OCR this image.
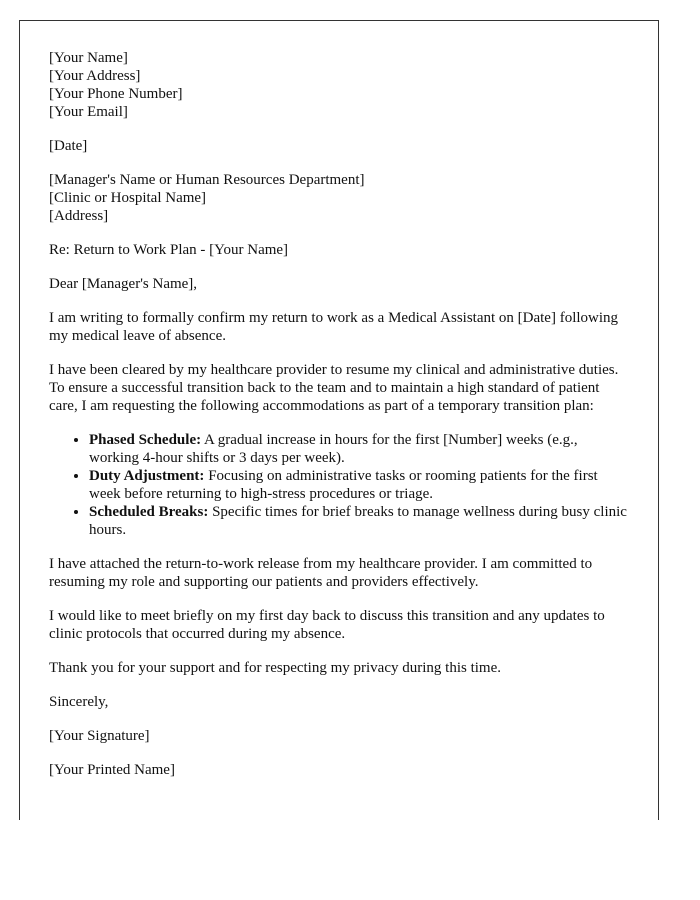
[Your Name]
[Your Address]
[Your Phone Number]
[Your Email]

[Date]

[Manager's Name or Human Resources Department]
[Clinic or Hospital Name]
[Address]

Re: Return to Work Plan - [Your Name]

Dear [Manager's Name],

I am writing to formally confirm my return to work as a Medical Assistant on [Date] following my medical leave of absence.

I have been cleared by my healthcare provider to resume my clinical and administrative duties. To ensure a successful transition back to the team and to maintain a high standard of patient care, I am requesting the following accommodations as part of a temporary transition plan:

• Phased Schedule: A gradual increase in hours for the first [Number] weeks (e.g., working 4-hour shifts or 3 days per week).
• Duty Adjustment: Focusing on administrative tasks or rooming patients for the first week before returning to high-stress procedures or triage.
• Scheduled Breaks: Specific times for brief breaks to manage wellness during busy clinic hours.

I have attached the return-to-work release from my healthcare provider. I am committed to resuming my role and supporting our patients and providers effectively.

I would like to meet briefly on my first day back to discuss this transition and any updates to clinic protocols that occurred during my absence.

Thank you for your support and for respecting my privacy during this time.

Sincerely,

[Your Signature]

[Your Printed Name]
